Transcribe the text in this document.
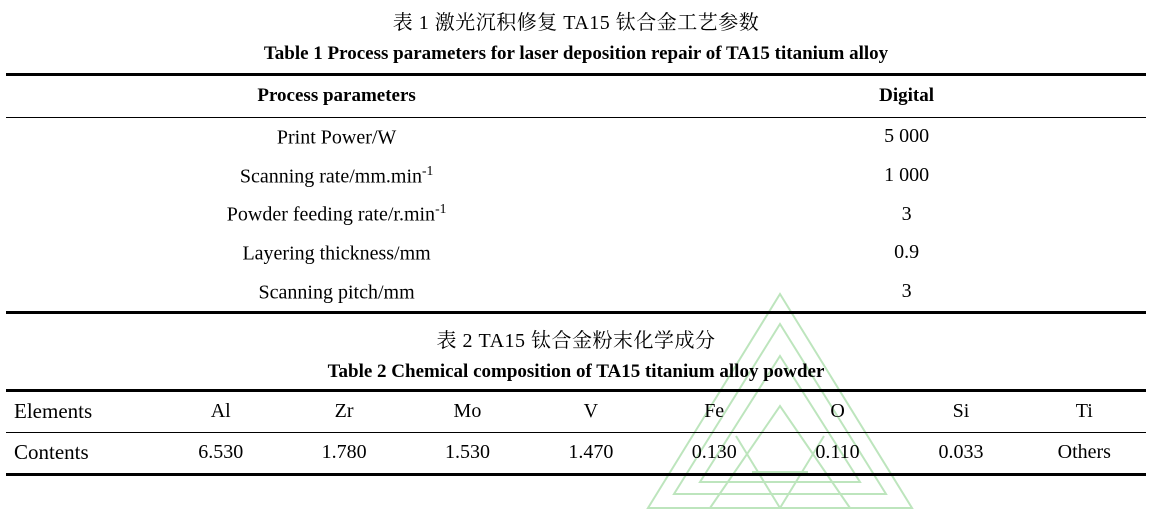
表 1 激光沉积修复 TA15 钛合金工艺参数
Table 1 Process parameters for laser deposition repair of TA15 titanium alloy
Process parameters	Digital
Print Power/W	5 000
Scanning rate/$mm.\min^{-1}$	1 000
Powder feeding rate/$r.\min^{-1}$	3
Layering thickness/mm	0.9
Scanning pitch/mm	3
表 2 TA15 钛合金粉末化学成分
Table 2 Chemical composition of TA15 titanium alloy powder
Elements	Al	Zr	Mo	V	Fe	O	Si	Ti
Contents	6.530	1.780	1.530	1.470	0.130	0.110	0.033	Others
